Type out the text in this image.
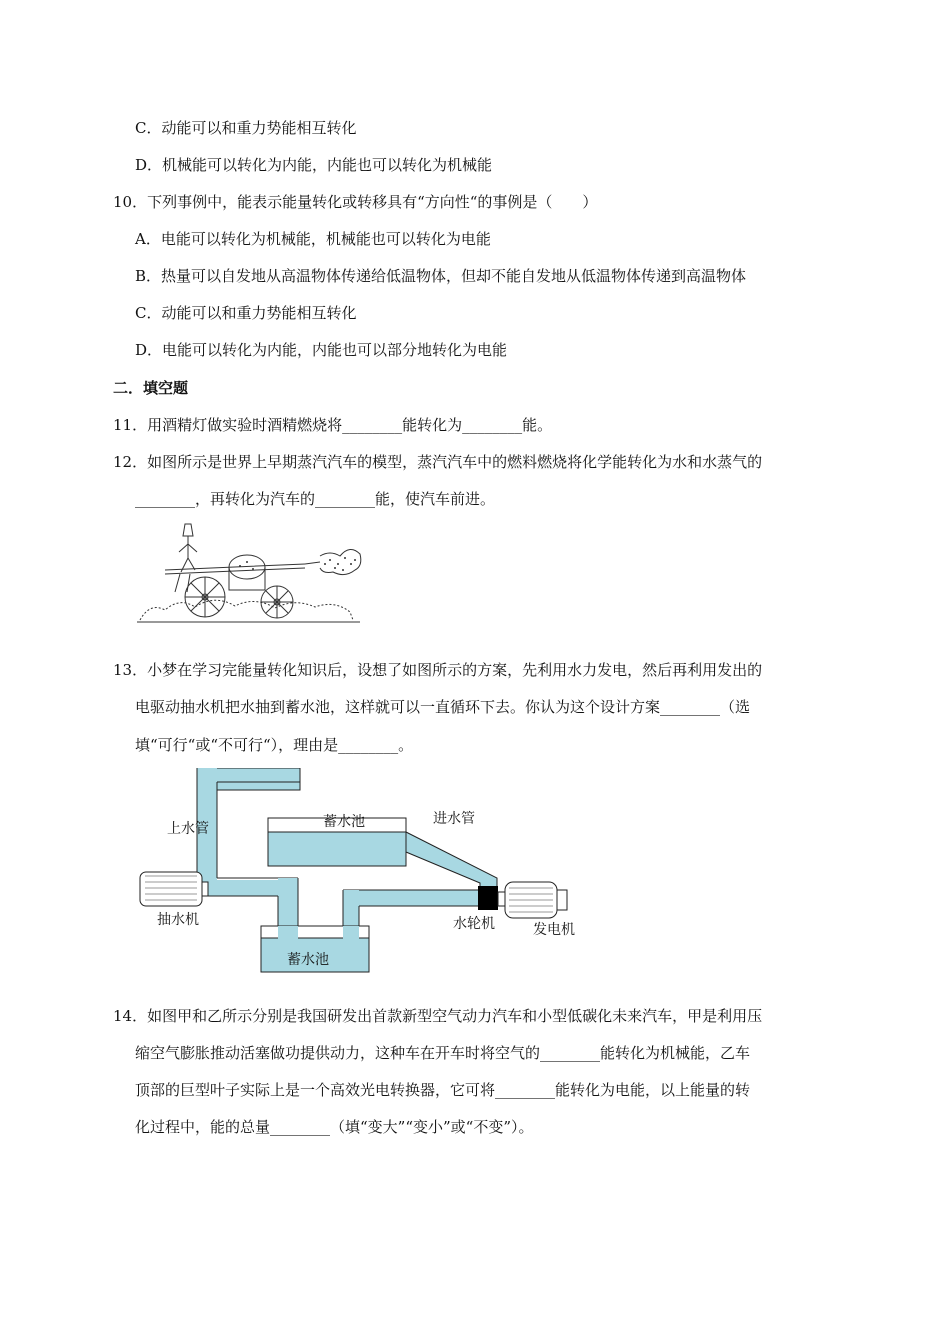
C．动能可以和重力势能相互转化
D．机械能可以转化为内能，内能也可以转化为机械能
10．下列事例中，能表示能量转化或转移具有“方向性“的事例是（　　）
A．电能可以转化为机械能，机械能也可以转化为电能
B．热量可以自发地从高温物体传递给低温物体，但却不能自发地从低温物体传递到高温物体
C．动能可以和重力势能相互转化
D．电能可以转化为内能，内能也可以部分地转化为电能
二．填空题
11．用酒精灯做实验时酒精燃烧将________能转化为________能。
12．如图所示是世界上早期蒸汽汽车的模型，蒸汽汽车中的燃料燃烧将化学能转化为水和水蒸气的
________，再转化为汽车的________能，使汽车前进。
13．小梦在学习完能量转化知识后，设想了如图所示的方案，先利用水力发电，然后再利用发出的
电驱动抽水机把水抽到蓄水池，这样就可以一直循环下去。你认为这个设计方案________（选
填“可行“或“不可行“），理由是________。
抽水机
上水管	蓄水池	进水管
水轮机	发电机
蓄水池
14．如图甲和乙所示分别是我国研发出首款新型空气动力汽车和小型低碳化未来汽车，甲是利用压
缩空气膨胀推动活塞做功提供动力，这种车在开车时将空气的________能转化为机械能，乙车
顶部的巨型叶子实际上是一个高效光电转换器，它可将________能转化为电能，以上能量的转
化过程中，能的总量________（填“变大”“变小”或“不变”）。
